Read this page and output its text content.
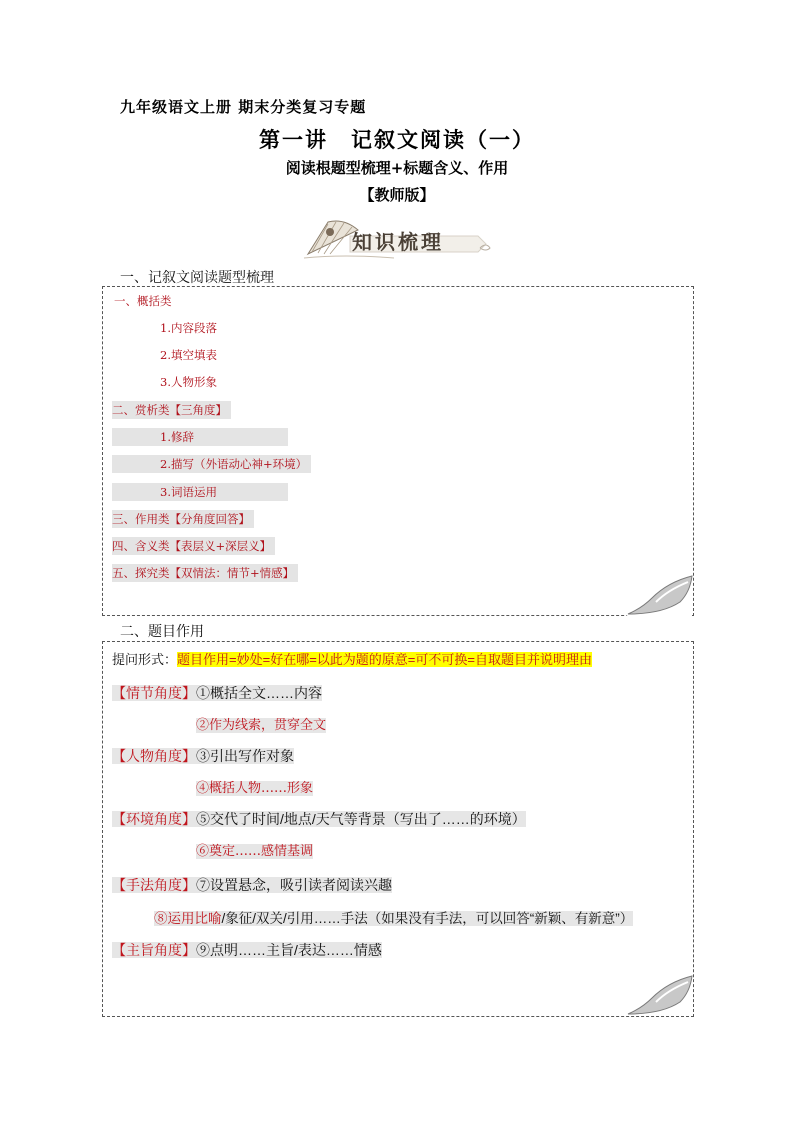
九年级语文上册 期末分类复习专题
第一讲　记叙文阅读（一）
阅读根题型梳理+标题含义、作用
【教师版】
知识梳理
一、记叙文阅读题型梳理
一、概括类
1.内容段落
2.填空填表
3.人物形象
二、赏析类【三角度】
1.修辞
2.描写（外语动心神+环境）
3.词语运用
三、作用类【分角度回答】
四、含义类【表层义+深层义】
五、探究类【双情法：情节+情感】
二、题目作用
提问形式：题目作用=妙处=好在哪=以此为题的原意=可不可换=自取题目并说明理由
【情节角度】①概括全文……内容
②作为线索，贯穿全文
【人物角度】③引出写作对象
④概括人物……形象
【环境角度】⑤交代了时间/地点/天气等背景（写出了……的环境）
⑥奠定……感情基调
【手法角度】⑦设置悬念，吸引读者阅读兴趣
⑧运用比喻/象征/双关/引用……手法（如果没有手法，可以回答“新颖、有新意”）
【主旨角度】⑨点明……主旨/表达……情感
